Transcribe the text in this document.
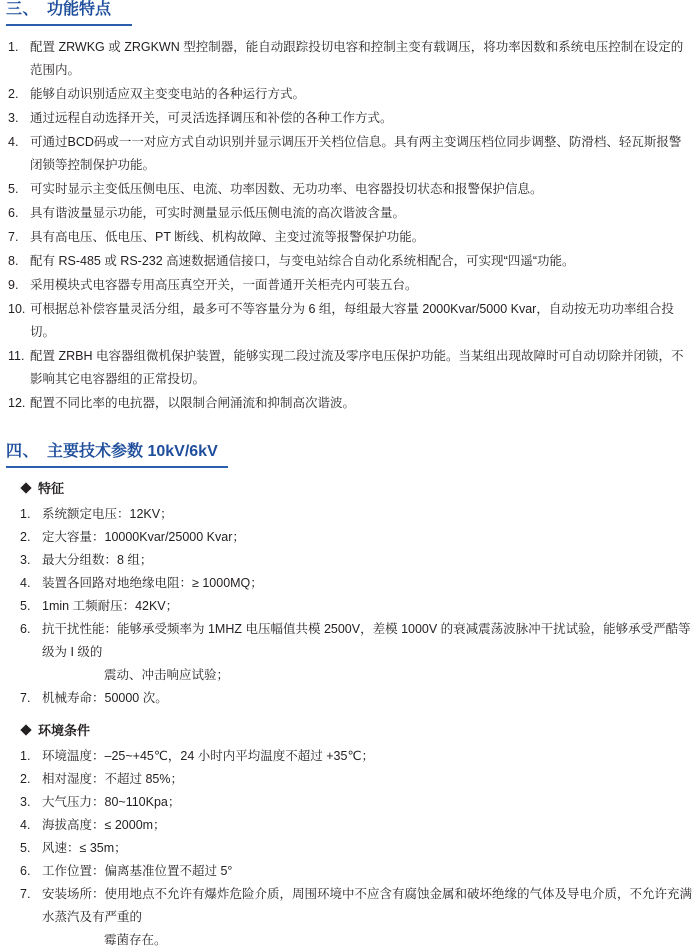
三、 功能特点
1. 配置 ZRWKG 或 ZRGKWN 型控制器，能自动跟踪投切电容和控制主变有载调压，将功率因数和系统电压控制在设定的范围内。
2. 能够自动识别适应双主变变电站的各种运行方式。
3. 通过远程自动选择开关，可灵活选择调压和补偿的各种工作方式。
4. 可通过BCD码或一一对应方式自动识别并显示调压开关档位信息。具有两主变调压档位同步调整、防滑档、轻瓦斯报警闭锁等控制保护功能。
5. 可实时显示主变低压侧电压、电流、功率因数、无功功率、电容器投切状态和报警保护信息。
6. 具有谐波量显示功能，可实时测量显示低压侧电流的高次谐波含量。
7. 具有高电压、低电压、PT 断线、机构故障、主变过流等报警保护功能。
8. 配有 RS-485 或 RS-232 高速数据通信接口，与变电站综合自动化系统相配合，可实现“四遥“功能。
9. 采用模块式电容器专用高压真空开关，一面普通开关柜壳内可装五台。
10. 可根据总补偿容量灵活分组，最多可不等容量分为 6 组，每组最大容量 2000Kvar/5000 Kvar，自动按无功功率组合投切。
11. 配置 ZRBH 电容器组微机保护装置，能够实现二段过流及零序电压保护功能。当某组出现故障时可自动切除并闭锁，不影响其它电容器组的正常投切。
12. 配置不同比率的电抗器，以限制合闸涌流和抑制高次谐波。
四、 主要技术参数 10kV/6kV
特征
1. 系统额定电压：12KV；
2. 定大容量：10000Kvar/25000 Kvar；
3. 最大分组数：8 组；
4. 装置各回路对地绝缘电阻：≥ 1000MQ；
5. 1min 工频耐压：42KV；
6. 抗干扰性能：能够承受频率为 1MHZ 电压幅值共模 2500V，差模 1000V 的衰减震荡波脉冲干扰试验，能够承受严酷等级为 I 级的
震动、冲击响应试验；
7. 机械寿命：50000 次。
环境条件
1. 环境温度：–25~+45℃，24 小时内平均温度不超过 +35℃；
2. 相对湿度：不超过 85%；
3. 大气压力：80~110Kpa；
4. 海拔高度：≤ 2000m；
5. 风速：≤ 35m；
6. 工作位置：偏离基准位置不超过 5°
7. 安装场所：使用地点不允许有爆炸危险介质，周围环境中不应含有腐蚀金属和破坏绝缘的气体及导电介质，不允许充满水蒸汽及有严重的
霉菌存在。
